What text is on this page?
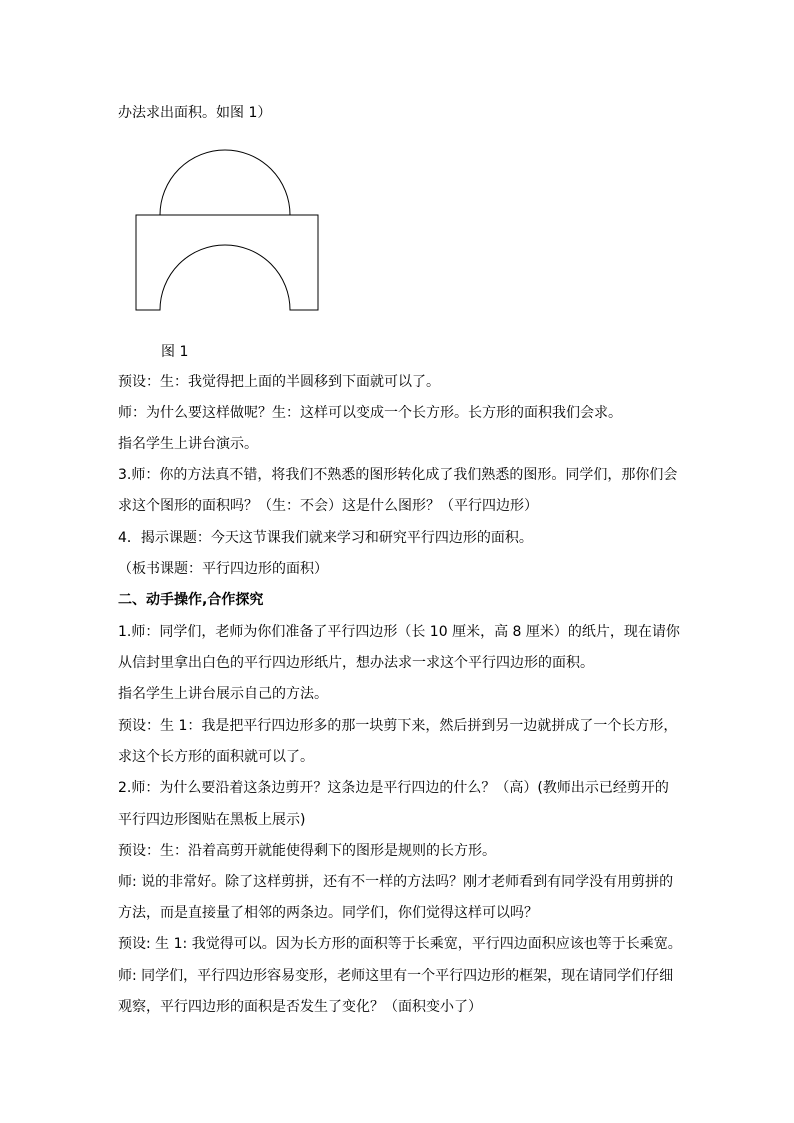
办法求出面积。如图 1）
图 1
预设：生：我觉得把上面的半圆移到下面就可以了。
师：为什么要这样做呢？生：这样可以变成一个长方形。长方形的面积我们会求。
指名学生上讲台演示。
3.师：你的方法真不错，将我们不熟悉的图形转化成了我们熟悉的图形。同学们，那你们会
求这个图形的面积吗？（生：不会）这是什么图形？（平行四边形）
4．揭示课题：今天这节课我们就来学习和研究平行四边形的面积。
（板书课题：平行四边形的面积）
二、动手操作,合作探究
1.师：同学们，老师为你们准备了平行四边形（长 10 厘米，高 8 厘米）的纸片，现在请你
从信封里拿出白色的平行四边形纸片，想办法求一求这个平行四边形的面积。
指名学生上讲台展示自己的方法。
预设：生 1：我是把平行四边形多的那一块剪下来，然后拼到另一边就拼成了一个长方形，
求这个长方形的面积就可以了。
2.师：为什么要沿着这条边剪开？这条边是平行四边的什么？（高）(教师出示已经剪开的
平行四边形图贴在黑板上展示)
预设：生：沿着高剪开就能使得剩下的图形是规则的长方形。
师: 说的非常好。除了这样剪拼，还有不一样的方法吗？刚才老师看到有同学没有用剪拼的
方法，而是直接量了相邻的两条边。同学们，你们觉得这样可以吗？
预设: 生 1: 我觉得可以。因为长方形的面积等于长乘宽，平行四边面积应该也等于长乘宽。
师: 同学们，平行四边形容易变形，老师这里有一个平行四边形的框架，现在请同学们仔细
观察，平行四边形的面积是否发生了变化？（面积变小了）
